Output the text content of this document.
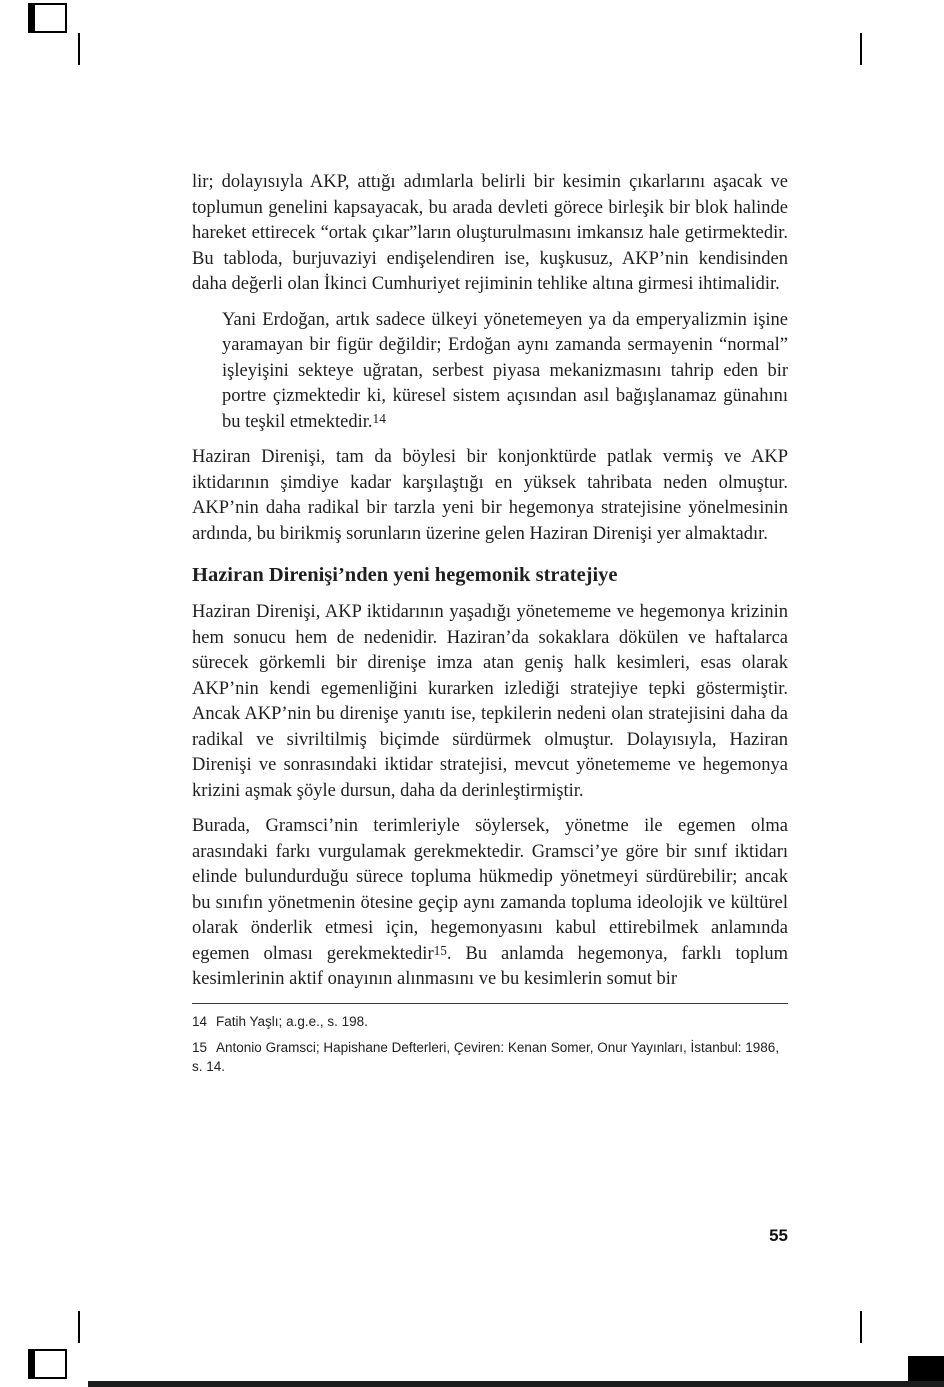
lir; dolayısıyla AKP, attığı adımlarla belirli bir kesimin çıkarlarını aşacak ve toplumun genelini kapsayacak, bu arada devleti görece birleşik bir blok halinde hareket ettirecek “ortak çıkar”ların oluşturulmasını imkansız hale getirmektedir. Bu tabloda, burjuvaziyi endişelendiren ise, kuşkusuz, AKP’nin kendisinden daha değerli olan İkinci Cumhuriyet rejiminin tehlike altına girmesi ihtimalidir.

Yani Erdoğan, artık sadece ülkeyi yönetemeyen ya da emperyalizmin işine yaramayan bir figür değildir; Erdoğan aynı zamanda sermayenin “normal” işleyişini sekteye uğratan, serbest piyasa mekanizmasını tahrip eden bir portre çizmektedir ki, küresel sistem açısından asıl bağışlanamaz günahını bu teşkil etmektedir.$^{14}$

Haziran Direnişi, tam da böylesi bir konjonktürde patlak vermiş ve AKP iktidarının şimdiye kadar karşılaştığı en yüksek tahribata neden olmuştur. AKP’nin daha radikal bir tarzla yeni bir hegemonya stratejisine yönelmesinin ardında, bu birikmiş sorunların üzerine gelen Haziran Direnişi yer almaktadır.

Haziran Direnişi’nden yeni hegemonik stratejiye

Haziran Direnişi, AKP iktidarının yaşadığı yönetememe ve hegemonya krizinin hem sonucu hem de nedenidir. Haziran’da sokaklara dökülen ve haftalarca sürecek görkemli bir direnişe imza atan geniş halk kesimleri, esas olarak AKP’nin kendi egemenliğini kurarken izlediği stratejiye tepki göstermiştir. Ancak AKP’nin bu direnişe yanıtı ise, tepkilerin nedeni olan stratejisini daha da radikal ve sivriltilmiş biçimde sürdürmek olmuştur. Dolayısıyla, Haziran Direnişi ve sonrasındaki iktidar stratejisi, mevcut yönetememe ve hegemonya krizini aşmak şöyle dursun, daha da derinleştirmiştir.

Burada, Gramsci’nin terimleriyle söylersek, yönetme ile egemen olma arasındaki farkı vurgulamak gerekmektedir. Gramsci’ye göre bir sınıf iktidarı elinde bulundurduğu sürece topluma hükmedip yönetmeyi sürdürebilir; ancak bu sınıfın yönetmenin ötesine geçip aynı zamanda topluma ideolojik ve kültürel olarak önderlik etmesi için, hegemonyasını kabul ettirebilmek anlamında egemen olması gerekmektedir$^{15}$. Bu anlamda hegemonya, farklı toplum kesimlerinin aktif onayının alınmasını ve bu kesimlerin somut bir

14 Fatih Yaşlı; a.g.e., s. 198.
15 Antonio Gramsci; Hapishane Defterleri, Çeviren: Kenan Somer, Onur Yayınları, İstanbul: 1986, s. 14.
55
